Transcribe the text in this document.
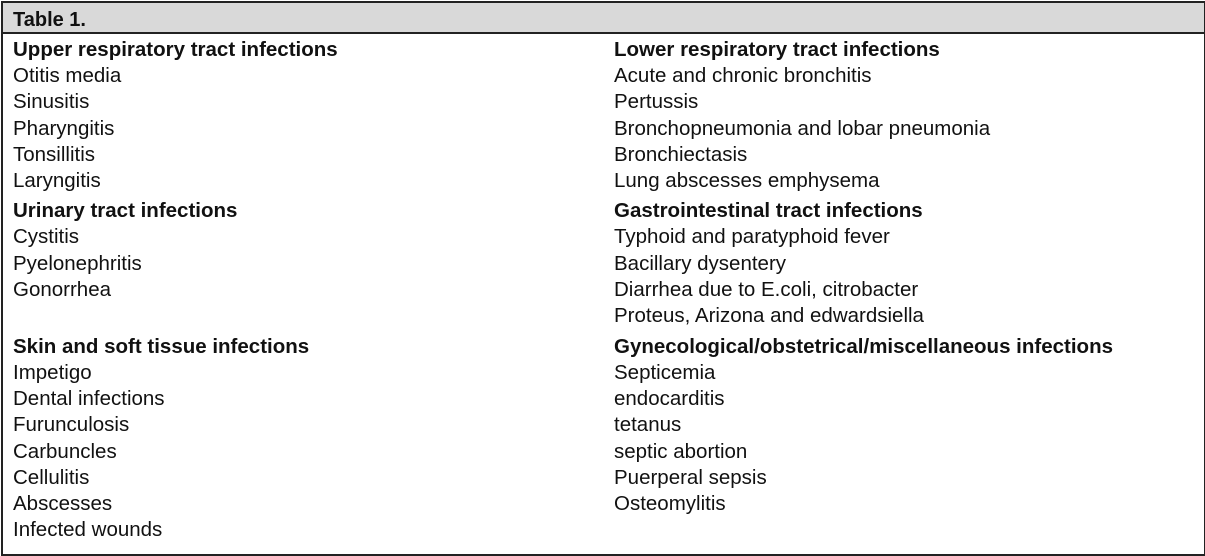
Table 1.
Upper respiratory tract infections
Otitis media
Sinusitis
Pharyngitis
Tonsillitis
Laryngitis
Urinary tract infections
Cystitis
Pyelonephritis
Gonorrhea
Skin and soft tissue infections
Impetigo
Dental infections
Furunculosis
Carbuncles
Cellulitis
Abscesses
Infected wounds
Lower respiratory tract infections
Acute and chronic bronchitis
Pertussis
Bronchopneumonia and lobar pneumonia
Bronchiectasis
Lung abscesses emphysema
Gastrointestinal tract infections
Typhoid and paratyphoid fever
Bacillary dysentery
Diarrhea due to E.coli, citrobacter
Proteus, Arizona and edwardsiella
Gynecological/obstetrical/miscellaneous infections
Septicemia
endocarditis
tetanus
septic abortion
Puerperal sepsis
Osteomylitis
